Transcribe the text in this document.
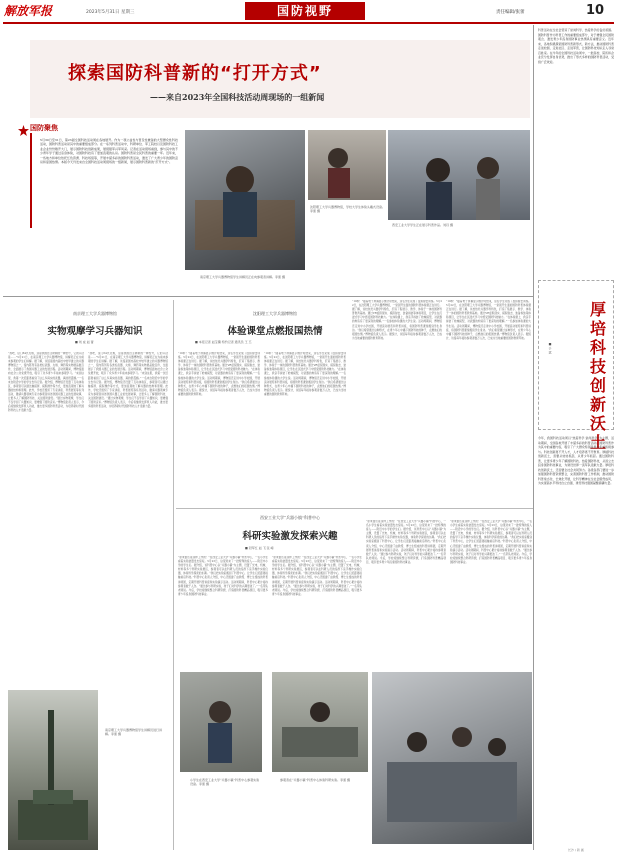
解放军报	2023年5月31日 星期三	国防视野	责任编辑/张蕾	10
探索国防科普新的“打开方式”
——来自2023年全国科技活动周现场的一组新闻
国防聚焦
5月30日至31日，第23届全国科技活动周在各地展开。作为一项公益性与普及性兼备的大型群众性科技活动，国防科普活动是其中的重要组成部分。在一系列科普活动中，科研单位、军工院校以及国防科技工业企业纷纷敞开大门，展示国防科技创新成果，展现强军兴军风采。记者在活动现场看到，参与其中的不少青年学子通过亲身体验，对国防科技有了更加直观的认识。国防科普是全民科普的重要一环。近年来，一些地方和单位依托红色资源、科技场馆等，开展丰富多彩的国防科普活动，激发了广大青少年的国防意识和爱国热情。本版今天刊发来自全国科技活动周现场的一组新闻，展示国防科普新的“打开方式”。
沈阳理工大学兵器博物馆，学校大学生体验头戴式设备。李蕾 摄
西安工业大学学生正在展示科普作品。刘丹 摄
南京理工大学兵器博物馆学生讲解员正在向参观者讲解。李蕾 摄
南京理工大学兵器博物馆
实物观摩学习兵器知识
■ 刘 成 赵 蕾
“我吧，这门64式火炮，这是我国自主研制的一种型号，它的口径是……”5月21日，在南京理工大学兵器博物馆，讲解员正在为前来参观的学生们讲解。据了解，该馆是国内高校中较早建立的兵器博物馆之一，馆内陈列有各类轻武器、火炮、弹药等实物展品数百件，全面展示了我国兵器工业的发展历程。活动周期间，博物馆面向社会公众免费开放，吸引了众多青少年前来参观学习。“来到这里，我第一次近距离看到了这么多真实的武器，真的很震撼。”一名来自附近中学的学生告诉记者。据介绍，博物馆还设置了互动体验区，参观者可以通过触摸屏、模拟操作等方式，更加直观地了解兵器的结构和原理。此外，学校还组织了专家讲座、科普展览等系列活动，邀请兵器领域专家为参观者讲述我国兵器工业的发展故事，让更多人了解国防科技、关注国防建设。“通过实物观摩，学生们不仅学到了兵器知识，更增强了国防意识。”博物馆负责人表示，今后将继续发挥育人功能，推出更多国防科普活动，为培养新时代国防科技人才贡献力量。
“我吧，这门64式火炮，这是我国自主研制的一种型号，它的口径是……”5月21日，在南京理工大学兵器博物馆，讲解员正在为前来参观的学生们讲解。据了解，该馆是国内高校中较早建立的兵器博物馆之一，馆内陈列有各类轻武器、火炮、弹药等实物展品数百件，全面展示了我国兵器工业的发展历程。活动周期间，博物馆面向社会公众免费开放，吸引了众多青少年前来参观学习。“来到这里，我第一次近距离看到了这么多真实的武器，真的很震撼。”一名来自附近中学的学生告诉记者。据介绍，博物馆还设置了互动体验区，参观者可以通过触摸屏、模拟操作等方式，更加直观地了解兵器的结构和原理。此外，学校还组织了专家讲座、科普展览等系列活动，邀请兵器领域专家为参观者讲述我国兵器工业的发展故事，让更多人了解国防科技、关注国防建设。“通过实物观摩，学生们不仅学到了兵器知识，更增强了国防意识。”博物馆负责人表示，今后将继续发挥育人功能，推出更多国防科普活动，为培养新时代国防科技人才贡献力量。
南京理工大学兵器博物馆学生讲解员进行讲解。李蕾 摄
沈阳理工大学兵器博物馆
体验课堂点燃报国热情
■ 本报记者 赵宝骥 特约记者 通讯员 王 丕
“10秒！”随着电子屏幕显示倒计时结束，这名学生完成了虚拟射击训练。5月22日，在沈阳理工大学兵器博物馆，一堂别开生面的国防科普体验课正在进行。据了解，该校依托兵器学科特色，打造了集展示、教学、体验于一体的国防科普教育基地。通过VR虚拟现实、模拟射击、装备拆装等体验项目，让学生在沉浸式学习中感受国防科技魅力。“在体验课上，我亲手拆装了枪械模型，对武器的构造有了更深刻的理解。”一名参加体验课的大学生说。活动周期间，博物馆还走进中小学校园，开展流动展览和科普讲座，将国防科普课堂搬到学生身边。“我们希望通过这种形式，在青少年心中播下国防科技的种子，点燃他们的报国热情。”博物馆负责人表示。据统计，该馆每年接待参观者数万人次，已成为当地重要的国防教育阵地。
“10秒！”随着电子屏幕显示倒计时结束，这名学生完成了虚拟射击训练。5月22日，在沈阳理工大学兵器博物馆，一堂别开生面的国防科普体验课正在进行。据了解，该校依托兵器学科特色，打造了集展示、教学、体验于一体的国防科普教育基地。通过VR虚拟现实、模拟射击、装备拆装等体验项目，让学生在沉浸式学习中感受国防科技魅力。“在体验课上，我亲手拆装了枪械模型，对武器的构造有了更深刻的理解。”一名参加体验课的大学生说。活动周期间，博物馆还走进中小学校园，开展流动展览和科普讲座，将国防科普课堂搬到学生身边。“我们希望通过这种形式，在青少年心中播下国防科技的种子，点燃他们的报国热情。”博物馆负责人表示。据统计，该馆每年接待参观者数万人次，已成为当地重要的国防教育阵地。
“10秒！”随着电子屏幕显示倒计时结束，这名学生完成了虚拟射击训练。5月22日，在沈阳理工大学兵器博物馆，一堂别开生面的国防科普体验课正在进行。据了解，该校依托兵器学科特色，打造了集展示、教学、体验于一体的国防科普教育基地。通过VR虚拟现实、模拟射击、装备拆装等体验项目，让学生在沉浸式学习中感受国防科技魅力。“在体验课上，我亲手拆装了枪械模型，对武器的构造有了更深刻的理解。”一名参加体验课的大学生说。活动周期间，博物馆还走进中小学校园，开展流动展览和科普讲座，将国防科普课堂搬到学生身边。“我们希望通过这种形式，在青少年心中播下国防科技的种子，点燃他们的报国热情。”博物馆负责人表示。据统计，该馆每年接待参观者数万人次，已成为当地重要的国防教育阵地。
“10秒！”随着电子屏幕显示倒计时结束，这名学生完成了虚拟射击训练。5月22日，在沈阳理工大学兵器博物馆，一堂别开生面的国防科普体验课正在进行。据了解，该校依托兵器学科特色，打造了集展示、教学、体验于一体的国防科普教育基地。通过VR虚拟现实、模拟射击、装备拆装等体验项目，让学生在沉浸式学习中感受国防科技魅力。“在体验课上，我亲手拆装了枪械模型，对武器的构造有了更深刻的理解。”一名参加体验课的大学生说。活动周期间，博物馆还走进中小学校园，开展流动展览和科普讲座，将国防科普课堂搬到学生身边。“我们希望通过这种形式，在青少年心中播下国防科技的种子，点燃他们的报国热情。”博物馆负责人表示。据统计，该馆每年接待参观者数万人次，已成为当地重要的国防教育阵地。
西安工业大学“兵器小镇”科普中心
科研实验激发探索兴趣
■ 冠军红 赵 飞 张 峰
“原来雷达是这样工作的！”在西安工业大学“兵器小镇”科普中心，一名小学生看着实验装置发出惊叹。5月23日，这里迎来了一批特殊的客人——附近中小学的学生们。据介绍，该科普中心以“兵器小镇”为主题，设置了光电、机械、材料等多个科研实验展区，参观者可以在科研人员的指导下亲手操作实验仪器，体验科学探索的乐趣。“我们把实验室搬到了科普中心，让学生们近距离接触前沿科技。”科普中心负责人介绍，中心还组建了由教授、博士生组成的科普讲师团，定期开展科普讲座和实验演示活动。活动周期间，科普中心累计接待参观者数千人次。“通过参与科研实验，孩子们对科学的兴趣更浓了。”一名带队老师说。今后，学校将继续整合科研资源，打造国防科普精品项目，吸引更多青少年投身国防科技事业。
“原来雷达是这样工作的！”在西安工业大学“兵器小镇”科普中心，一名小学生看着实验装置发出惊叹。5月23日，这里迎来了一批特殊的客人——附近中小学的学生们。据介绍，该科普中心以“兵器小镇”为主题，设置了光电、机械、材料等多个科研实验展区，参观者可以在科研人员的指导下亲手操作实验仪器，体验科学探索的乐趣。“我们把实验室搬到了科普中心，让学生们近距离接触前沿科技。”科普中心负责人介绍，中心还组建了由教授、博士生组成的科普讲师团，定期开展科普讲座和实验演示活动。活动周期间，科普中心累计接待参观者数千人次。“通过参与科研实验，孩子们对科学的兴趣更浓了。”一名带队老师说。今后，学校将继续整合科研资源，打造国防科普精品项目，吸引更多青少年投身国防科技事业。
“原来雷达是这样工作的！”在西安工业大学“兵器小镇”科普中心，一名小学生看着实验装置发出惊叹。5月23日，这里迎来了一批特殊的客人——附近中小学的学生们。据介绍，该科普中心以“兵器小镇”为主题，设置了光电、机械、材料等多个科研实验展区，参观者可以在科研人员的指导下亲手操作实验仪器，体验科学探索的乐趣。“我们把实验室搬到了科普中心，让学生们近距离接触前沿科技。”科普中心负责人介绍，中心还组建了由教授、博士生组成的科普讲师团，定期开展科普讲座和实验演示活动。活动周期间，科普中心累计接待参观者数千人次。“通过参与科研实验，孩子们对科学的兴趣更浓了。”一名带队老师说。今后，学校将继续整合科研资源，打造国防科普精品项目，吸引更多青少年投身国防科技事业。
“原来雷达是这样工作的！”在西安工业大学“兵器小镇”科普中心，一名小学生看着实验装置发出惊叹。5月23日，这里迎来了一批特殊的客人——附近中小学的学生们。据介绍，该科普中心以“兵器小镇”为主题，设置了光电、机械、材料等多个科研实验展区，参观者可以在科研人员的指导下亲手操作实验仪器，体验科学探索的乐趣。“我们把实验室搬到了科普中心，让学生们近距离接触前沿科技。”科普中心负责人介绍，中心还组建了由教授、博士生组成的科普讲师团，定期开展科普讲座和实验演示活动。活动周期间，科普中心累计接待参观者数千人次。“通过参与科研实验，孩子们对科学的兴趣更浓了。”一名带队老师说。今后，学校将继续整合科研资源，打造国防科普精品项目，吸引更多青少年投身国防科技事业。
小学生在西安工业大学“兵器小镇”科普中心参观实验设备。李蕾 摄
参观者在“兵器小镇”科普中心体验科研实验。李蕾 摄
科普活动在全社会营造了崇尚科学、热爱科学的良好氛围。国防科普作为科普工作的重要组成部分，对于增强全民国防观念、激发青少年投身国防事业热情具有重要意义。近年来，各地积极探索国防科普新形式、新方法，推动国防科普走进校园、走进社区、走进军营，让国防科技知识走入寻常百姓家。在今年的全国科技活动周中，一批高校、院所和企业充分发挥自身优势，推出了形式多样的国防科普活动，受到广泛欢迎。
厚培科技创新沃土
■ 于 斌
今年，我国科技活动周以“热爱科学 崇尚科学”为主题，活动期间，全国各地开展了丰富多彩的科普活动。国防科普作为其中的重要内容，吸引了广大群众特别是青少年的积极参与。科技创新离不开人才，人才培养离不开教育。厚植科技创新沃土，需要从娃娃抓起，从青少年抓起。通过国防科普，让更多青少年了解国防科技、热爱国防科技，从而立志投身国防科技事业，为建设世界一流军队贡献力量。厚培科技创新沃土，还需要全社会共同努力。各级各部门要进一步加强国防科普资源整合，完善国防科普工作机制，推动国防科普常态化、长效化开展，让科学精神在全社会蔚然成风，为实现高水平科技自立自强、建设科技强国凝聚磅礴力量。
长沙 / 新 画
